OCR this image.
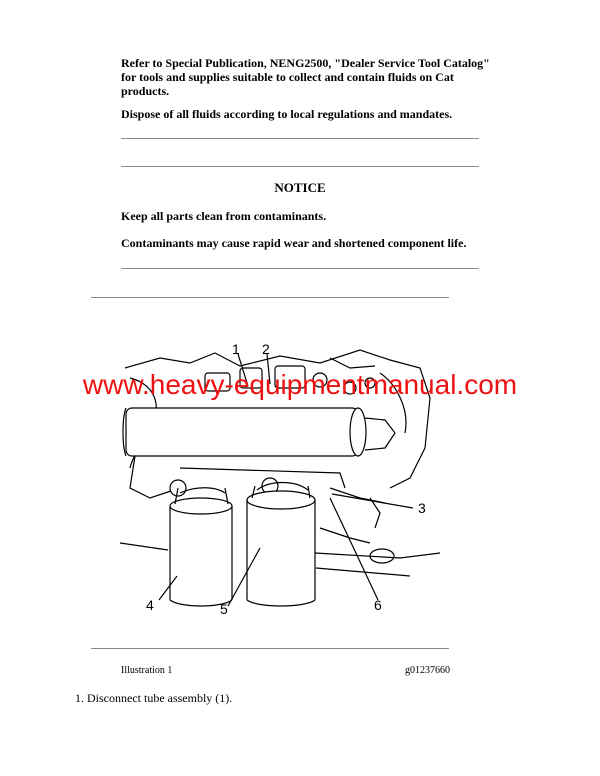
Refer to Special Publication, NENG2500, "Dealer Service Tool Catalog" for tools and supplies suitable to collect and contain fluids on Cat products.
Dispose of all fluids according to local regulations and mandates.
NOTICE
Keep all parts clean from contaminants.
Contaminants may cause rapid wear and shortened component life.
1 2
3
4	5	6
www.heavy-equipmentmanual.com
Illustration 1	g01237660
1. Disconnect tube assembly (1).
